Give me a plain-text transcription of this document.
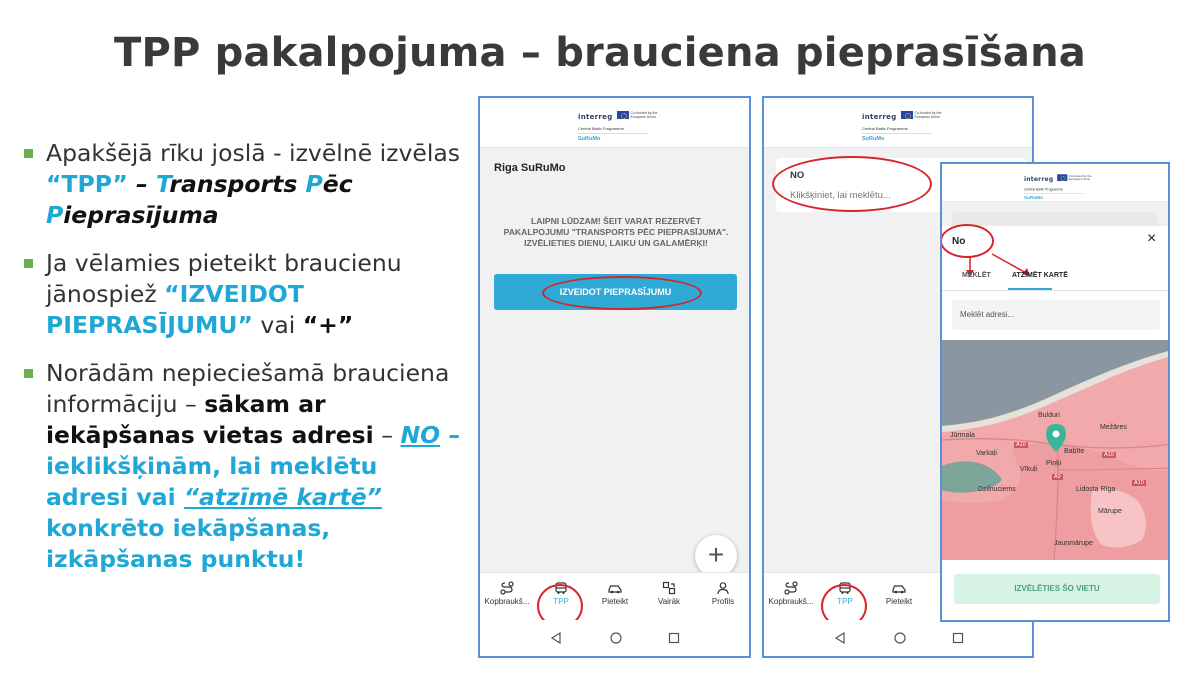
TPP pakalpojuma – brauciena pieprasīšana
Apakšējā rīku joslā - izvēlnē izvēlas “TPP” – Transports Pēc Pieprasījuma
Ja vēlamies pieteikt braucienu jānospiež “IZVEIDOT PIEPRASĪJUMU” vai “+”
Norādām nepieciešamā brauciena informāciju – sākam ar iekāpšanas vietas adresi – NO – ieklikšķinām, lai meklētu adresi vai “atzīmē kartē” konkrēto iekāpšanas, izkāpšanas punktu!
interregCo-funded by the European Union
Central Baltic Programme
SuRuMo
Riga SuRuMo
LAIPNI LŪDZAM! ŠEIT VARAT REZERVĒT PAKALPOJUMU "TRANSPORTS PĒC PIEPRASĪJUMA". IZVĒLIETIES DIENU, LAIKU UN GALAMĒRĶI!
IZVEIDOT PIEPRASĪJUMU
+
Kopbraukš...	TPP	Pieteikt	Vairāk	Profils
interregCo-funded by the European Union
Central Baltic Programme
SuRuMo
NO
Klikšķiniet, lai meklētu...
Kopbraukš...	TPP	Pieteikt
interregCo-funded by the European Union
Central Baltic Programme
SuRuMo
No	×
MEKLĒT	ATZĪMĒT KARTĒ
Meklēt adresi...
Bulduri
Mežāres
Jūrmala
Babīte
Varkaļi
Piņķi
Vīkuļi
Dzilnuciems	Lidosta Rīga
Mārupe
Jaunmārupe
A10
A10
A10
A9
IZVĒLĒTIES ŠO VIETU
